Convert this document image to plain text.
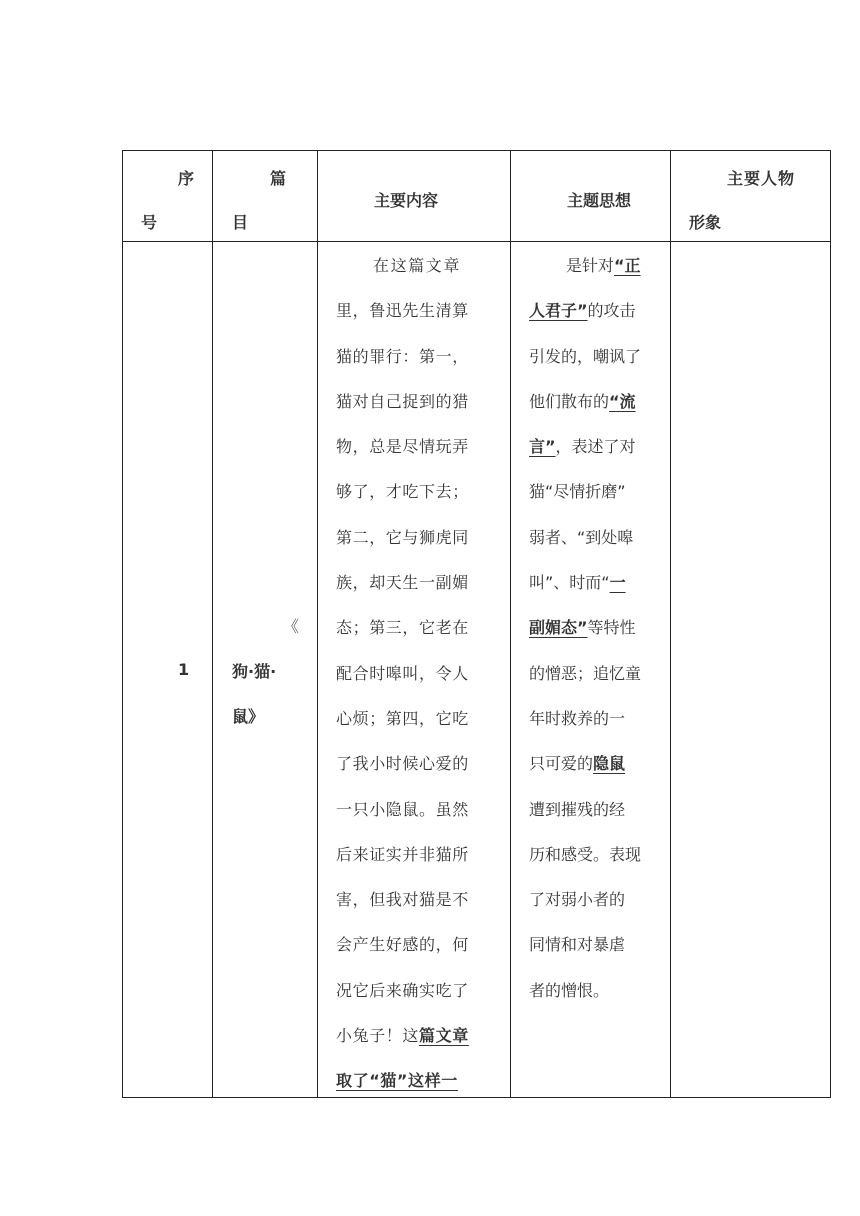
序
号
篇
目
主要内容	主题思想
主要人物
形象
1
《
狗·猫·
鼠》
在这篇文章
里，鲁迅先生清算
猫的罪行：第一，
猫对自己捉到的猎
物，总是尽情玩弄
够了，才吃下去；
第二，它与狮虎同
族，却天生一副媚
态；第三，它老在
配合时嗥叫，令人
心烦；第四，它吃
了我小时候心爱的
一只小隐鼠。虽然
后来证实并非猫所
害，但我对猫是不
会产生好感的，何
况它后来确实吃了
小兔子！这篇文章
取了“猫”这样一
是针对“正
人君子”的攻击
引发的，嘲讽了
他们散布的“流
言”，表述了对
猫“尽情折磨”
弱者、“到处嗥
叫”、时而“一
副媚态”等特性
的憎恶；追忆童
年时救养的一
只可爱的隐鼠
遭到摧残的经
历和感受。表现
了对弱小者的
同情和对暴虐
者的憎恨。
